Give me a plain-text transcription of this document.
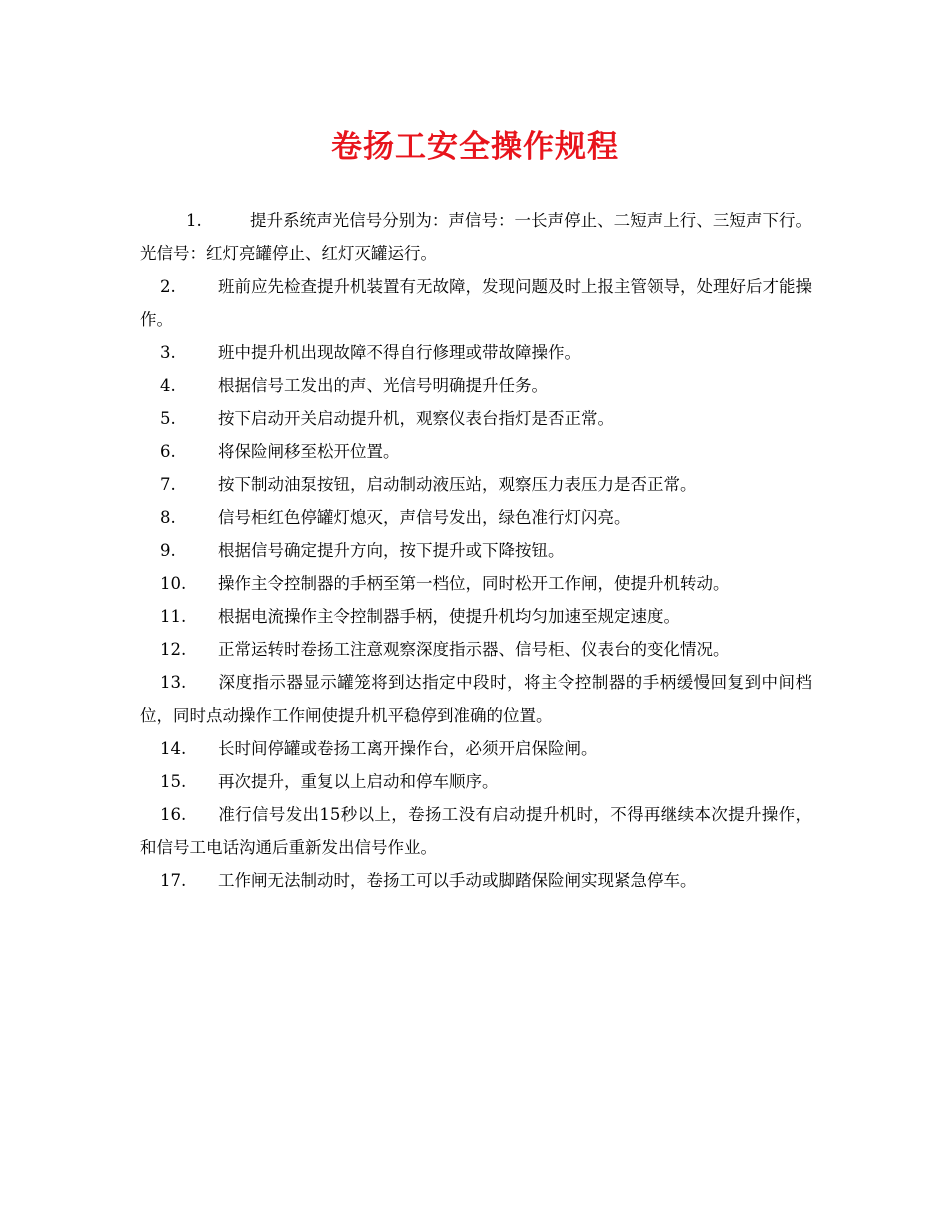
卷扬工安全操作规程

1.	提升系统声光信号分别为：声信号：一长声停止、二短声上行、三短声下行。光信号：红灯亮罐停止、红灯灭罐运行。

2.	班前应先检查提升机装置有无故障，发现问题及时上报主管领导，处理好后才能操作。

3.	班中提升机出现故障不得自行修理或带故障操作。

4.	根据信号工发出的声、光信号明确提升任务。

5.	按下启动开关启动提升机，观察仪表台指灯是否正常。

6.	将保险闸移至松开位置。

7.	按下制动油泵按钮，启动制动液压站，观察压力表压力是否正常。

8.	信号柜红色停罐灯熄灭，声信号发出，绿色准行灯闪亮。

9.	根据信号确定提升方向，按下提升或下降按钮。

10. 操作主令控制器的手柄至第一档位，同时松开工作闸，使提升机转动。

11. 根据电流操作主令控制器手柄，使提升机均匀加速至规定速度。

12. 正常运转时卷扬工注意观察深度指示器、信号柜、仪表台的变化情况。

13. 深度指示器显示罐笼将到达指定中段时，将主令控制器的手柄缓慢回复到中间档位，同时点动操作工作闸使提升机平稳停到准确的位置。

14. 长时间停罐或卷扬工离开操作台，必须开启保险闸。

15. 再次提升，重复以上启动和停车顺序。

16. 准行信号发出15秒以上，卷扬工没有启动提升机时，不得再继续本次提升操作，和信号工电话沟通后重新发出信号作业。

17. 工作闸无法制动时，卷扬工可以手动或脚踏保险闸实现紧急停车。
